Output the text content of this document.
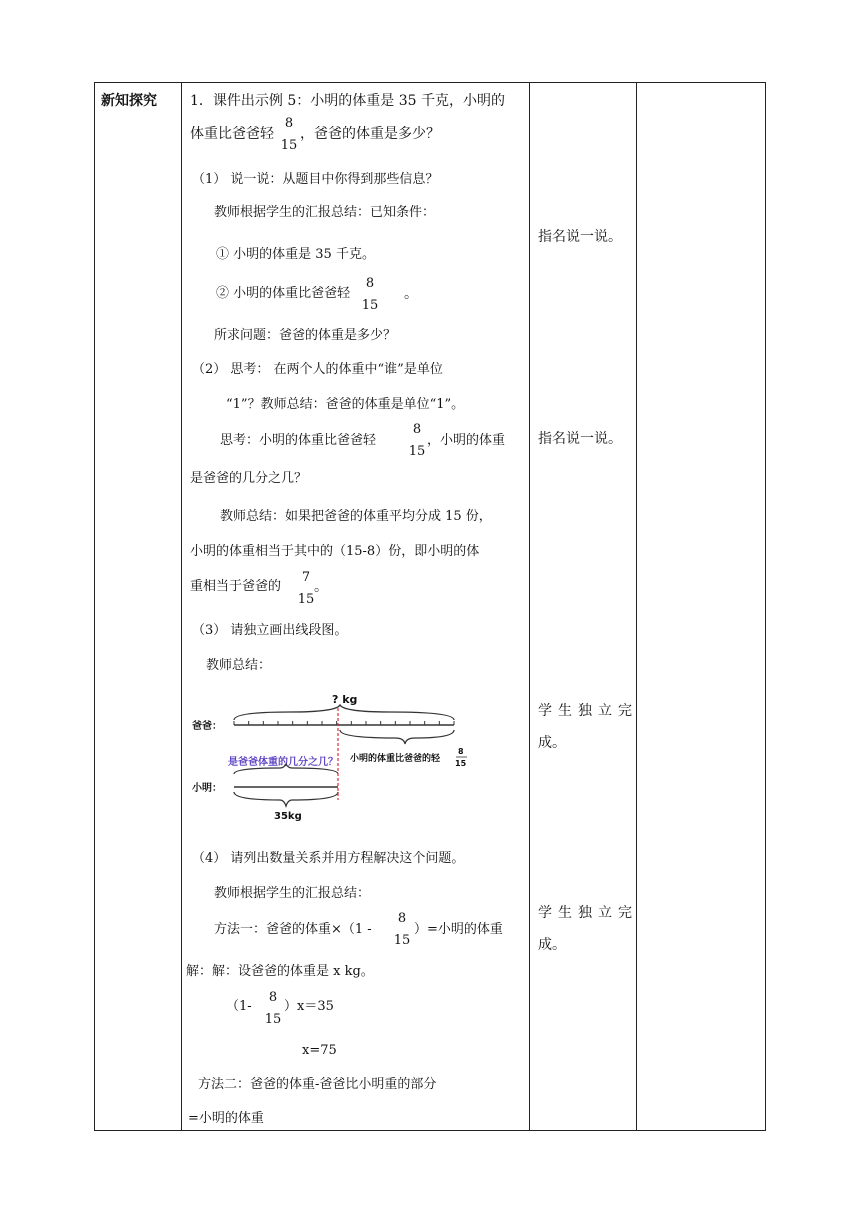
新知探究 1．课件出示例 5：小明的体重是 35 千克，小明的
体重比爸爸轻
8
15
，爸爸的体重是多少？
（1） 说一说：从题目中你得到那些信息？
教师根据学生的汇报总结：已知条件：
① 小明的体重是 35 千克。
② 小明的体重比爸爸轻
8
15
。
所求问题：爸爸的体重是多少？
（2） 思考： 在两个人的体重中“谁”是单位
“1”？教师总结：爸爸的体重是单位“1”。
思考：小明的体重比爸爸轻
8
15
，小明的体重
是爸爸的几分之几？
教师总结：如果把爸爸的体重平均分成 15 份，
小明的体重相当于其中的（15-8）份，即小明的体
重相当于爸爸的
7
15
。
（3） 请独立画出线段图。
教师总结：
? kg
爸爸：
小明的体重比爸爸的轻
8
15
是爸爸体重的几分之几？
小明：
35kg
（4） 请列出数量关系并用方程解决这个问题。
教师根据学生的汇报总结：
方法一：爸爸的体重×（1 -
8
15
）=小明的体重
解：解：设爸爸的体重是 x kg。
（1-
8
15
）x＝35
x=75
方法二：爸爸的体重-爸爸比小明重的部分
=小明的体重
指名说一说。
指名说一说。
学生独立完
成。
学生独立完
成。
